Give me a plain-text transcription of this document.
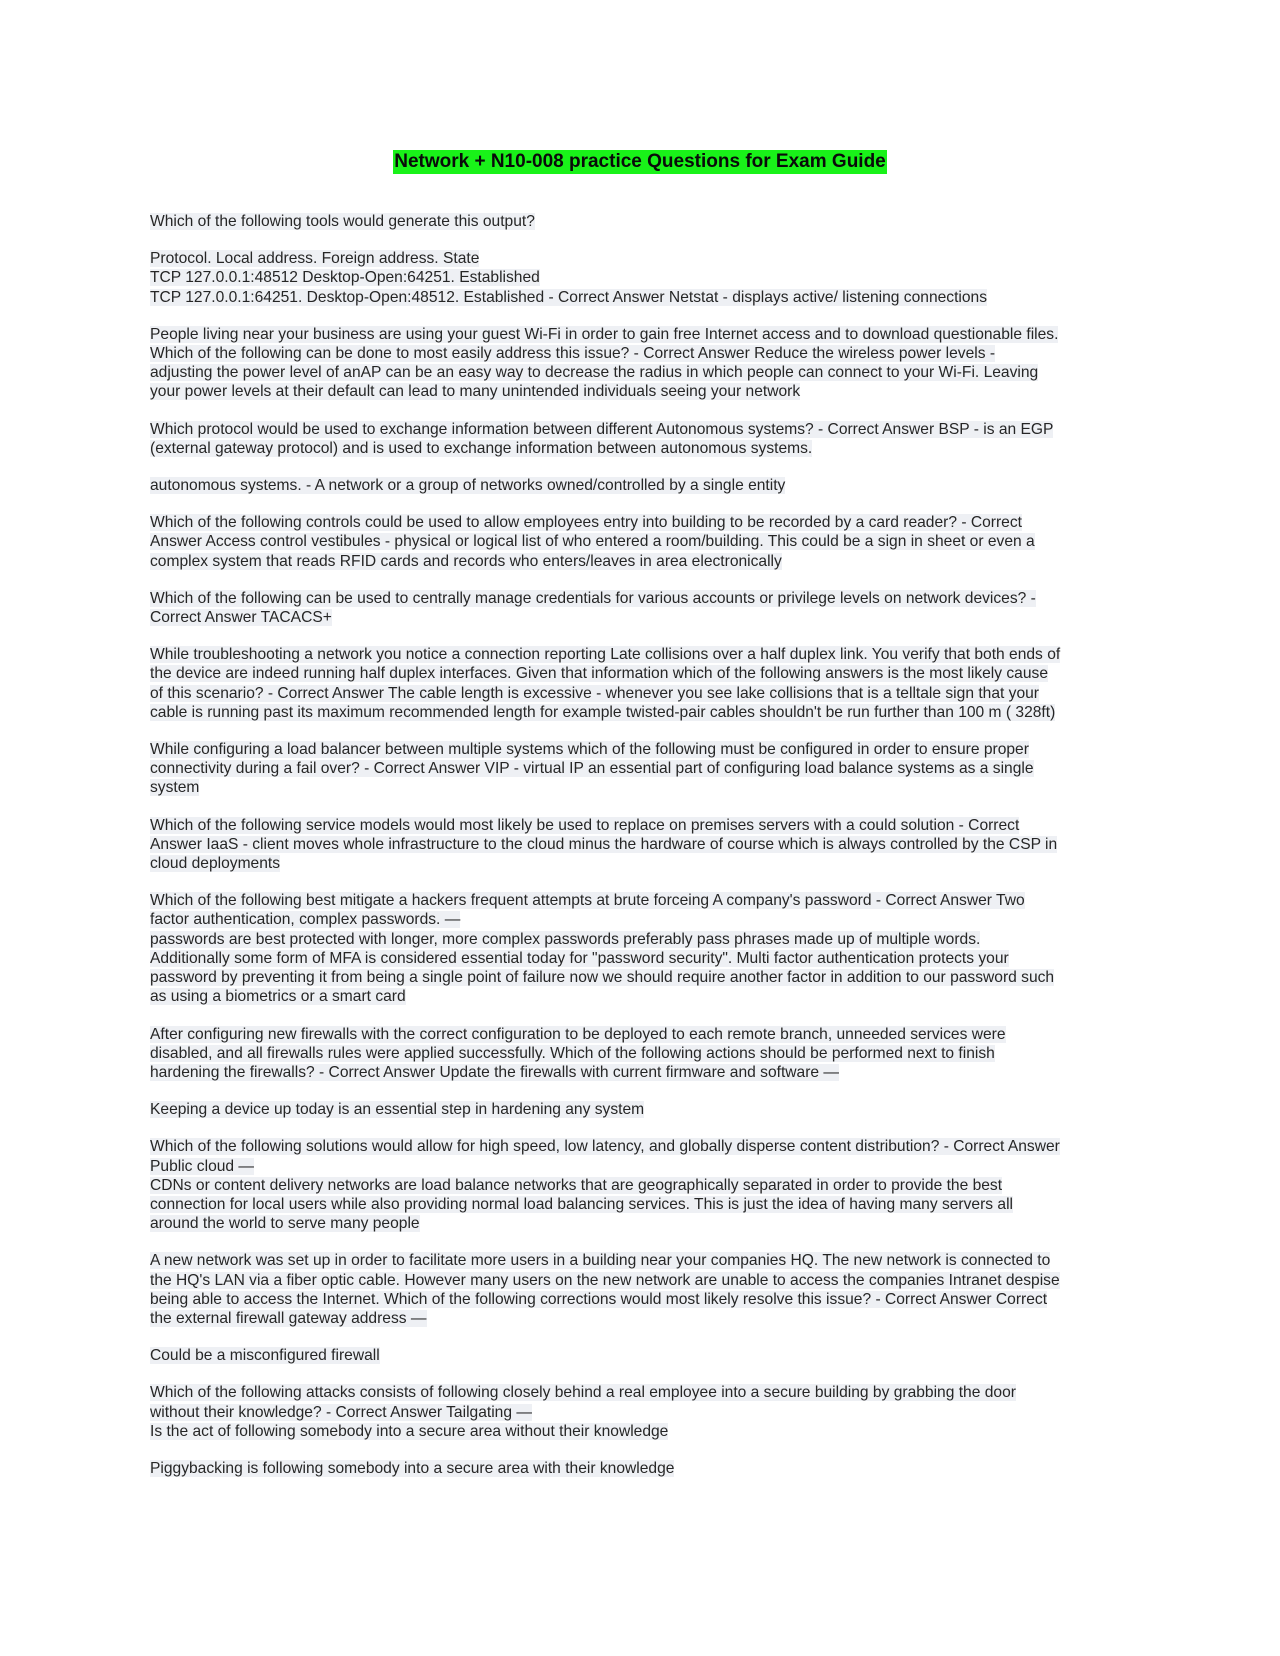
Network + N10-008 practice Questions for Exam Guide
Which of the following tools would generate this output?
Protocol. Local address. Foreign address. State
TCP 127.0.0.1:48512 Desktop-Open:64251. Established
TCP 127.0.0.1:64251. Desktop-Open:48512. Established - Correct Answer Netstat - displays active/ listening connections
People living near your business are using your guest Wi-Fi in order to gain free Internet access and to download questionable files.
Which of the following can be done to most easily address this issue? - Correct Answer Reduce the wireless power levels -
adjusting the power level of anAP can be an easy way to decrease the radius in which people can connect to your Wi-Fi. Leaving
your power levels at their default can lead to many unintended individuals seeing your network
Which protocol would be used to exchange information between different Autonomous systems? - Correct Answer BSP - is an EGP
(external gateway protocol) and is used to exchange information between autonomous systems.
autonomous systems. - A network or a group of networks owned/controlled by a single entity
Which of the following controls could be used to allow employees entry into building to be recorded by a card reader? - Correct
Answer Access control vestibules - physical or logical list of who entered a room/building. This could be a sign in sheet or even a
complex system that reads RFID cards and records who enters/leaves in area electronically
Which of the following can be used to centrally manage credentials for various accounts or privilege levels on network devices? -
Correct Answer TACACS+
While troubleshooting a network you notice a connection reporting Late collisions over a half duplex link. You verify that both ends of
the device are indeed running half duplex interfaces. Given that information which of the following answers is the most likely cause
of this scenario? - Correct Answer The cable length is excessive - whenever you see lake collisions that is a telltale sign that your
cable is running past its maximum recommended length for example twisted-pair cables shouldn't be run further than 100 m ( 328ft)
While configuring a load balancer between multiple systems which of the following must be configured in order to ensure proper
connectivity during a fail over? - Correct Answer VIP - virtual IP an essential part of configuring load balance systems as a single
system
Which of the following service models would most likely be used to replace on premises servers with a could solution - Correct
Answer IaaS - client moves whole infrastructure to the cloud minus the hardware of course which is always controlled by the CSP in
cloud deployments
Which of the following best mitigate a hackers frequent attempts at brute forceing A company's password - Correct Answer Two
factor authentication, complex passwords. —
passwords are best protected with longer, more complex passwords preferably pass phrases made up of multiple words.
Additionally some form of MFA is considered essential today for "password security". Multi factor authentication protects your
password by preventing it from being a single point of failure now we should require another factor in addition to our password such
as using a biometrics or a smart card
After configuring new firewalls with the correct configuration to be deployed to each remote branch, unneeded services were
disabled, and all firewalls rules were applied successfully. Which of the following actions should be performed next to finish
hardening the firewalls? - Correct Answer Update the firewalls with current firmware and software —
Keeping a device up today is an essential step in hardening any system
Which of the following solutions would allow for high speed, low latency, and globally disperse content distribution? - Correct Answer
Public cloud —
CDNs or content delivery networks are load balance networks that are geographically separated in order to provide the best
connection for local users while also providing normal load balancing services. This is just the idea of having many servers all
around the world to serve many people
A new network was set up in order to facilitate more users in a building near your companies HQ. The new network is connected to
the HQ's LAN via a fiber optic cable. However many users on the new network are unable to access the companies Intranet despise
being able to access the Internet. Which of the following corrections would most likely resolve this issue? - Correct Answer Correct
the external firewall gateway address —
Could be a misconfigured firewall
Which of the following attacks consists of following closely behind a real employee into a secure building by grabbing the door
without their knowledge? - Correct Answer Tailgating —
Is the act of following somebody into a secure area without their knowledge
Piggybacking is following somebody into a secure area with their knowledge
